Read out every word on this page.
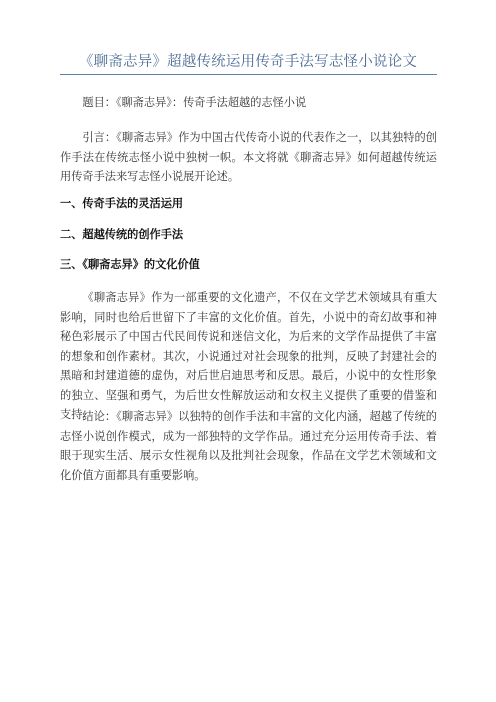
《聊斋志异》超越传统运用传奇手法写志怪小说论文

题目：《聊斋志异》：传奇手法超越的志怪小说

引言：《聊斋志异》作为中国古代传奇小说的代表作之一，以其独特的创作手法在传统志怪小说中独树一帜。本文将就《聊斋志异》如何超越传统运用传奇手法来写志怪小说展开论述。

一、传奇手法的灵活运用
二、超越传统的创作手法
三、《聊斋志异》的文化价值

《聊斋志异》作为一部重要的文化遗产，不仅在文学艺术领域具有重大影响，同时也给后世留下了丰富的文化价值。首先，小说中的奇幻故事和神秘色彩展示了中国古代民间传说和迷信文化，为后来的文学作品提供了丰富的想象和创作素材。其次，小说通过对社会现象的批判，反映了封建社会的黑暗和封建道德的虚伪，对后世启迪思考和反思。最后，小说中的女性形象的独立、坚强和勇气，为后世女性解放运动和女权主义提供了重要的借鉴和支持。

结论：《聊斋志异》以独特的创作手法和丰富的文化内涵，超越了传统的志怪小说创作模式，成为一部独特的文学作品。通过充分运用传奇手法、着眼于现实生活、展示女性视角以及批判社会现象，作品在文学艺术领域和文化价值方面都具有重要影响。
